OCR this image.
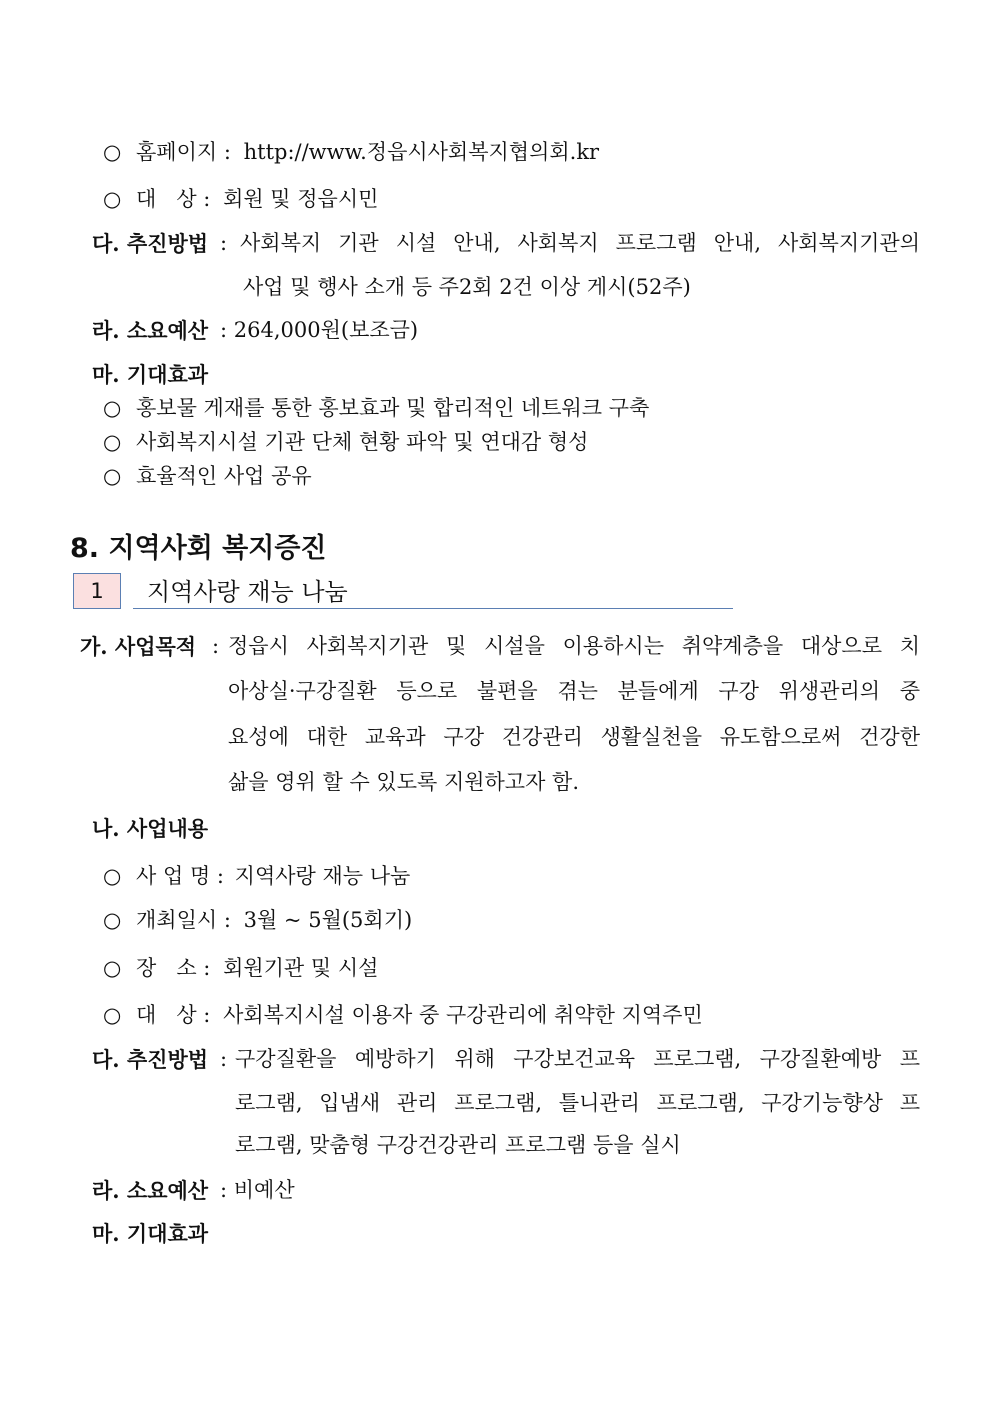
○ 홈페이지 : http://www.정읍시사회복지협의회.kr
○ 대   상 : 회원 및 정읍시민
다. 추진방법 : 사회복지 기관 시설 안내, 사회복지 프로그램 안내, 사회복지기관의
사업 및 행사 소개 등 주2회 2건 이상 게시(52주)
라. 소요예산 : 264,000원(보조금)
마. 기대효과
○ 홍보물 게재를 통한 홍보효과 및 합리적인 네트워크 구축
○ 사회복지시설 기관 단체 현황 파악 및 연대감 형성
○ 효율적인 사업 공유
8. 지역사회 복지증진
1	지역사랑 재능 나눔
가. 사업목적 : 정읍시 사회복지기관 및 시설을 이용하시는 취약계층을 대상으로 치
아상실·구강질환 등으로 불편을 겪는 분들에게 구강 위생관리의 중
요성에 대한 교육과 구강 건강관리 생활실천을 유도함으로써 건강한
삶을 영위 할 수 있도록 지원하고자 함.
나. 사업내용
○ 사 업 명 : 지역사랑 재능 나눔
○ 개최일시 : 3월 ~ 5월(5회기)
○ 장   소 : 회원기관 및 시설
○ 대   상 : 사회복지시설 이용자 중 구강관리에 취약한 지역주민
다. 추진방법 : 구강질환을 예방하기 위해 구강보건교육 프로그램, 구강질환예방 프
로그램, 입냄새 관리 프로그램, 틀니관리 프로그램, 구강기능향상 프
로그램, 맞춤형 구강건강관리 프로그램 등을 실시
라. 소요예산 : 비예산
마. 기대효과
